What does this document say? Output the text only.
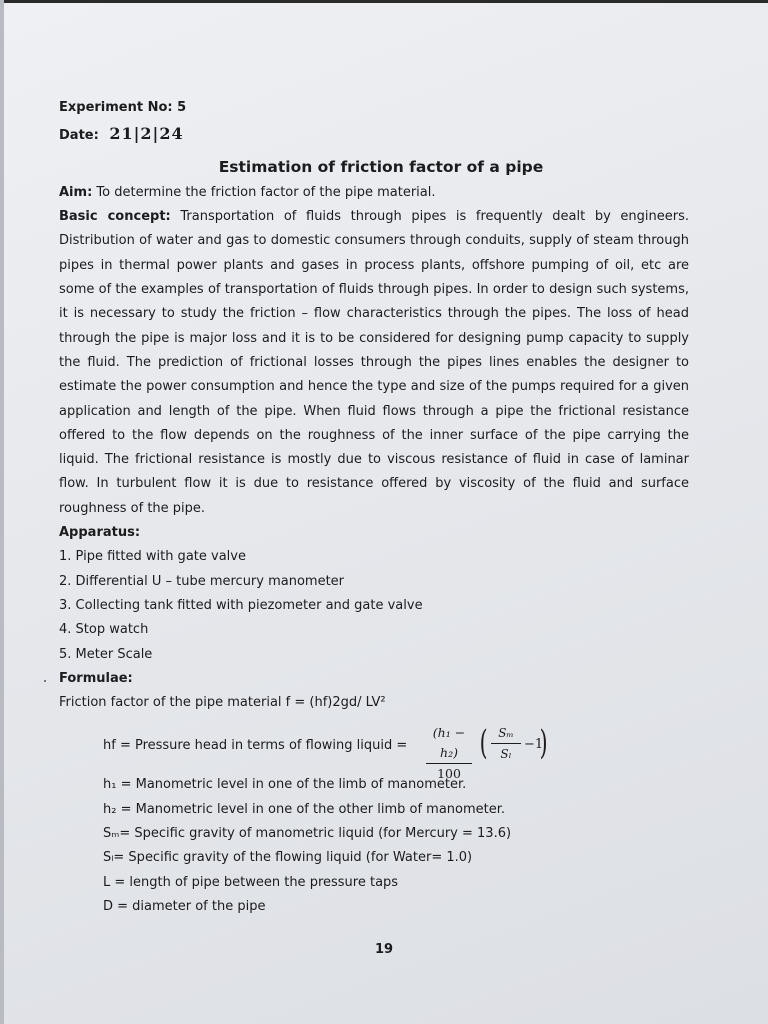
Experiment No: 5

Date: 21|2|24

Estimation of friction factor of a pipe

Aim: To determine the friction factor of the pipe material.

Basic concept: Transportation of fluids through pipes is frequently dealt by engineers. Distribution of water and gas to domestic consumers through conduits, supply of steam through pipes in thermal power plants and gases in process plants, offshore pumping of oil, etc are some of the examples of transportation of fluids through pipes. In order to design such systems, it is necessary to study the friction – flow characteristics through the pipes. The loss of head through the pipe is major loss and it is to be considered for designing pump capacity to supply the fluid. The prediction of frictional losses through the pipes lines enables the designer to estimate the power consumption and hence the type and size of the pumps required for a given application and length of the pipe. When fluid flows through a pipe the frictional resistance offered to the flow depends on the roughness of the inner surface of the pipe carrying the liquid. The frictional resistance is mostly due to viscous resistance of fluid in case of laminar flow. In turbulent flow it is due to resistance offered by viscosity of the fluid and surface roughness of the pipe.

Apparatus:

1. Pipe fitted with gate valve

2. Differential U – tube mercury manometer

3. Collecting tank fitted with piezometer and gate valve

4. Stop watch

5. Meter Scale

Formulae:

Friction factor of the pipe material f = (hf)2gd/ LV²

hf = Pressure head in terms of flowing liquid = $\frac{\text{(h₁ − h₂)}}{100}$ ( $\frac{\text{Sₘ}}{\text{Sₗ}} -1$
)

h₁ = Manometric level in one of the limb of manometer.

h₂ = Manometric level in one of the other limb of manometer.

Sₘ= Specific gravity of manometric liquid (for Mercury = 13.6)

Sₗ= Specific gravity of the flowing liquid (for Water= 1.0)

L = length of pipe between the pressure taps

D = diameter of the pipe

19
